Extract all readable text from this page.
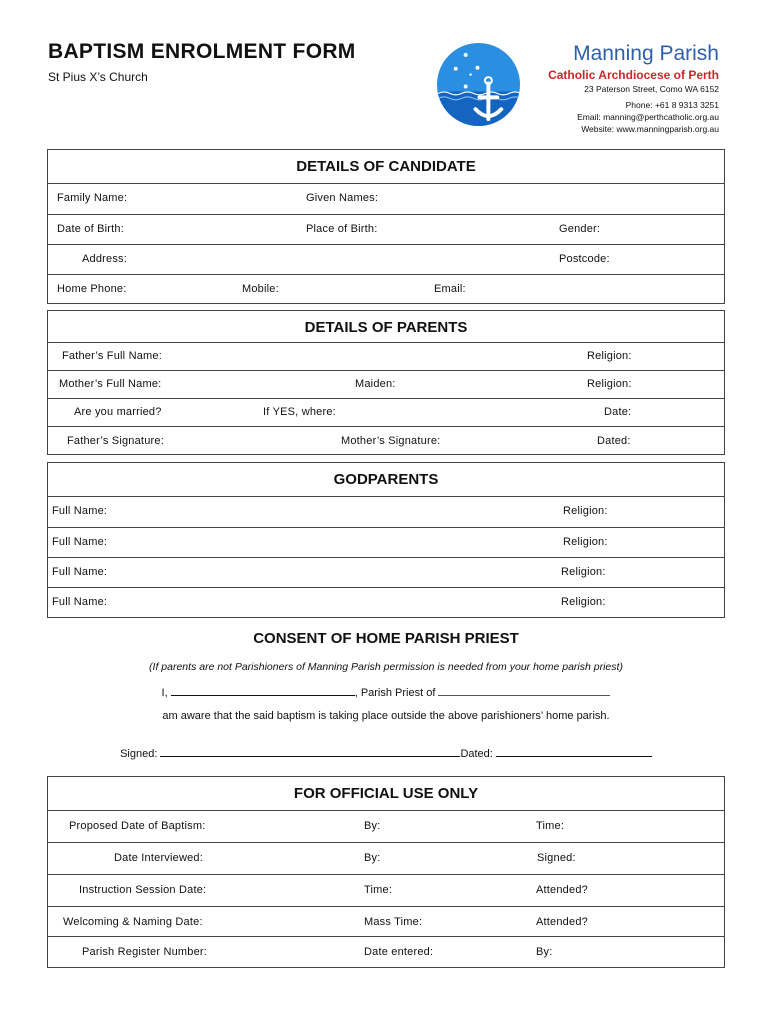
BAPTISM ENROLMENT FORM
St Pius X’s Church
Manning Parish
Catholic Archdiocese of Perth
23 Paterson Street, Como WA 6152
Phone: +61 8 9313 3251
Email: manning@perthcatholic.org.au
Website: www.manningparish.org.au
DETAILS OF CANDIDATE
Family Name:	Given Names:
Date of Birth:	Place of Birth:	Gender:
Address:	Postcode:
Home Phone:	Mobile:	Email:
DETAILS OF PARENTS
Father’s Full Name:	Religion:
Mother’s Full Name:	Maiden:	Religion:
Are you married?	If YES, where:	Date:
Father’s Signature:	Mother’s Signature:	Dated:
GODPARENTS
Full Name:	Religion:
Full Name:	Religion:
Full Name:	Religion:
Full Name:	Religion:
CONSENT OF HOME PARISH PRIEST
(If parents are not Parishioners of Manning Parish permission is needed from your home parish priest)
I,	, Parish Priest of
am aware that the said baptism is taking place outside the above parishioners’ home parish.
Signed:	Dated:
FOR OFFICIAL USE ONLY
Proposed Date of Baptism:	By:	Time:
Date Interviewed:	By:	Signed:
Instruction Session Date:	Time:	Attended?
Welcoming & Naming Date:	Mass Time:	Attended?
Parish Register Number:	Date entered:	By:
